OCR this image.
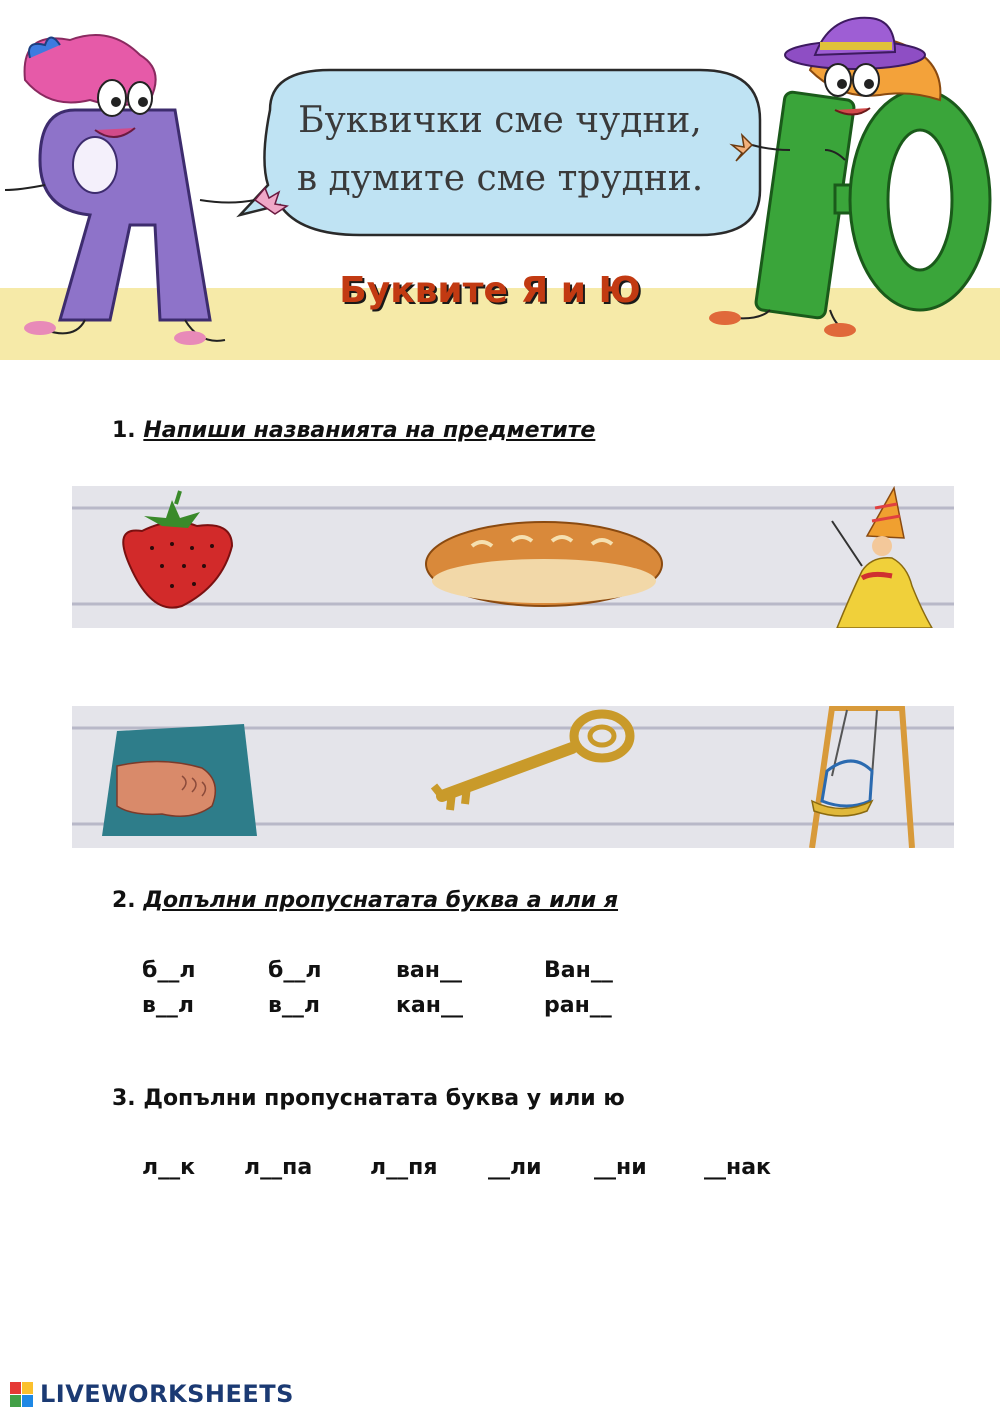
Буквички сме чудни,
в думите сме трудни.
Буквите Я и Ю
1. Напиши названията на предметите
2. Допълни пропуснатата буква а или я
б__л	б__л	ван__	Ван__
в__л	в__л	кан__	ран__
3. Допълни пропуснатата буква у или ю
л__к л__па	л__пя __ли __ни	__нак
LIVEWORKSHEETS
